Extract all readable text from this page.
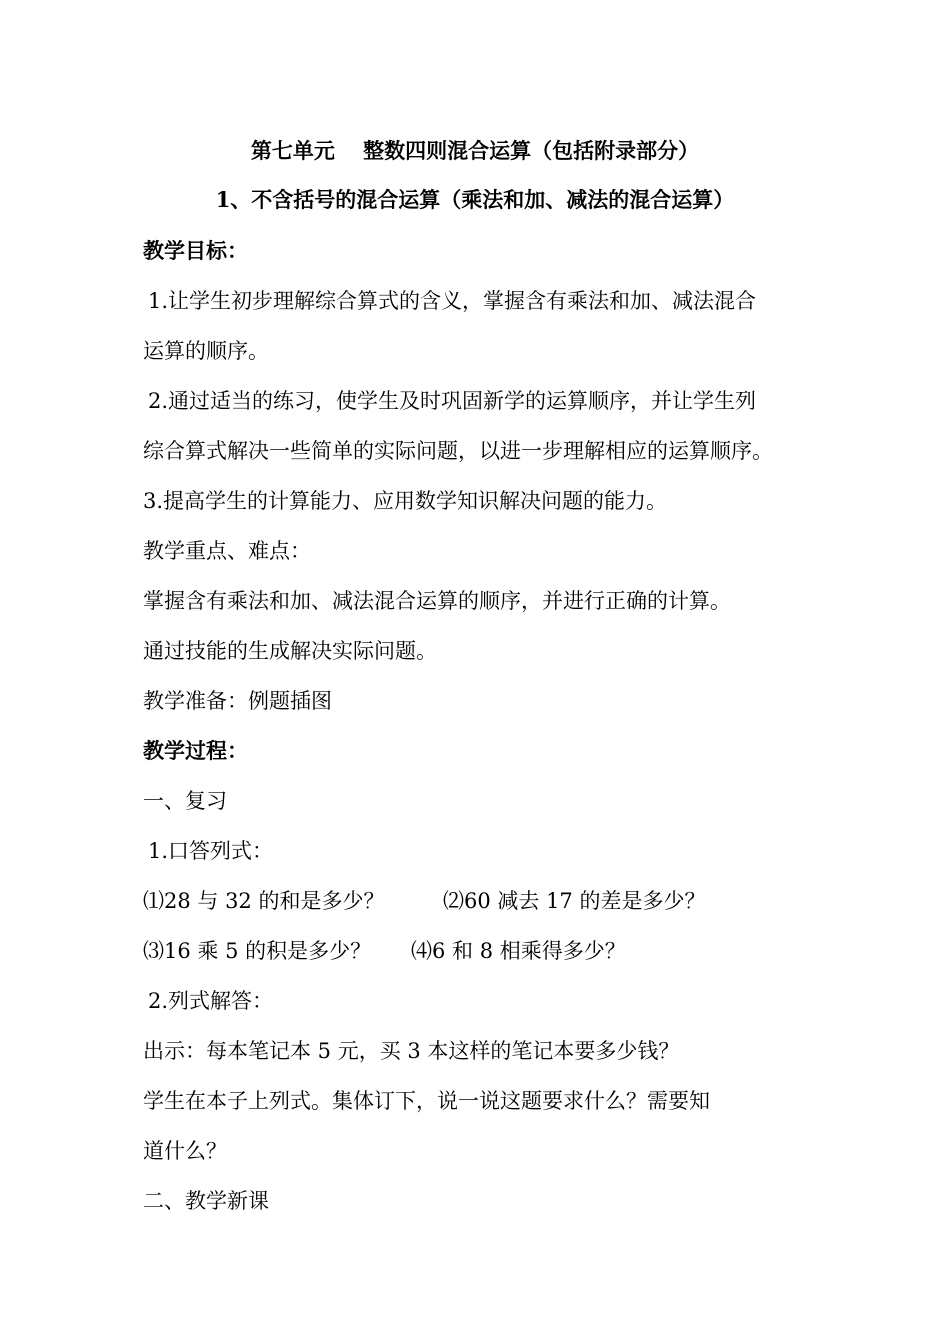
第七单元　 整数四则混合运算（包括附录部分）
1、不含括号的混合运算（乘法和加、减法的混合运算）
教学目标：
1.让学生初步理解综合算式的含义，掌握含有乘法和加、减法混合
运算的顺序。
2.通过适当的练习，使学生及时巩固新学的运算顺序，并让学生列
综合算式解决一些简单的实际问题，以进一步理解相应的运算顺序。
3.提高学生的计算能力、应用数学知识解决问题的能力。
教学重点、难点：
掌握含有乘法和加、减法混合运算的顺序，并进行正确的计算。
通过技能的生成解决实际问题。
教学准备：例题插图
教学过程：
一、复习
1.口答列式：
⑴28 与 32 的和是多少？	⑵60 减去 17 的差是多少？
⑶16 乘 5 的积是多少？ ⑷6 和 8 相乘得多少？
2.列式解答：
出示：每本笔记本 5 元，买 3 本这样的笔记本要多少钱？
学生在本子上列式。集体订下，说一说这题要求什么？需要知
道什么？
二、教学新课
